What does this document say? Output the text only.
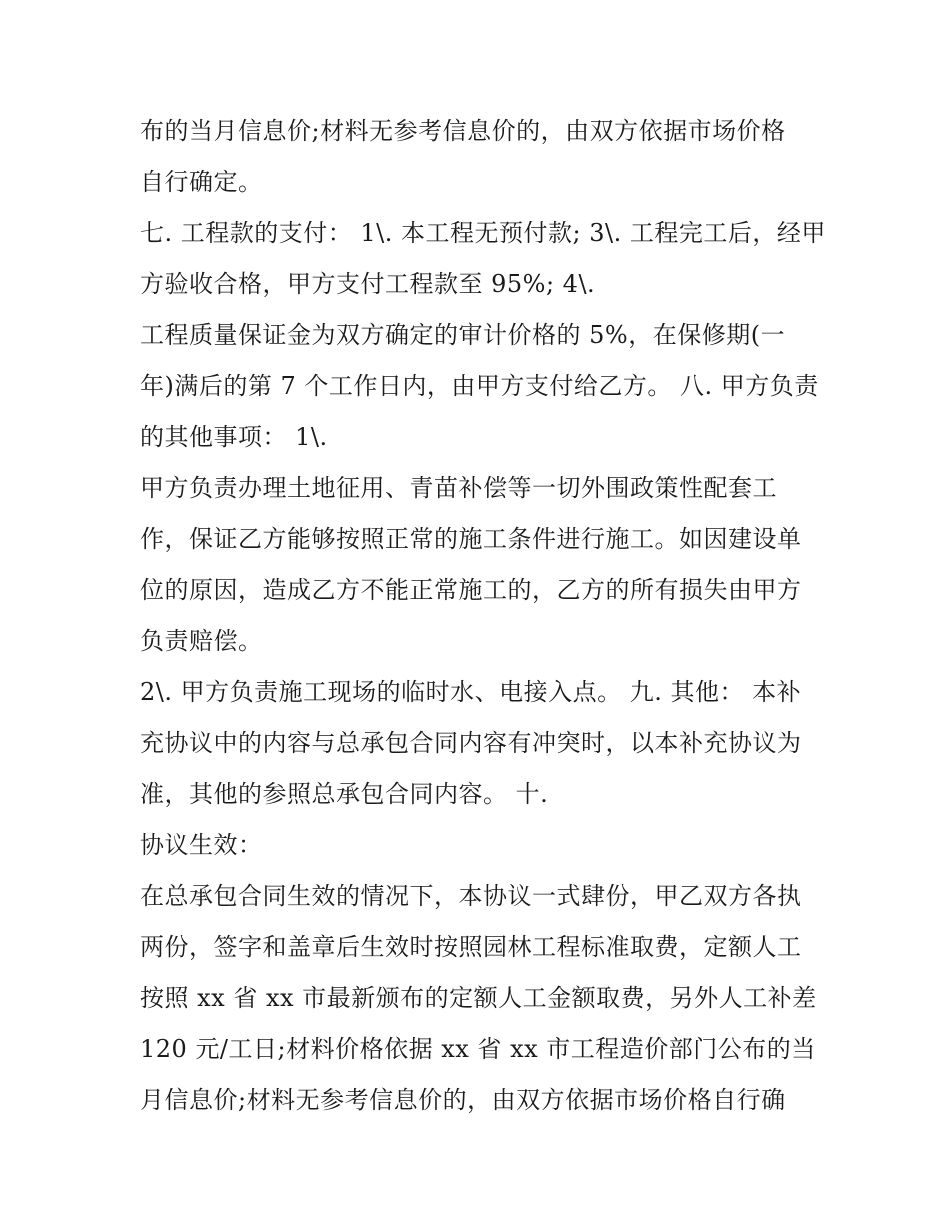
布的当月信息价;材料无参考信息价的，由双方依据市场价格
自行确定。
七. 工程款的支付： 1\. 本工程无预付款; 3\. 工程完工后，经甲
方验收合格，甲方支付工程款至 95%; 4\.
工程质量保证金为双方确定的审计价格的 5%，在保修期(一
年)满后的第 7 个工作日内，由甲方支付给乙方。 八. 甲方负责
的其他事项： 1\.
甲方负责办理土地征用、青苗补偿等一切外围政策性配套工
作，保证乙方能够按照正常的施工条件进行施工。如因建设单
位的原因，造成乙方不能正常施工的，乙方的所有损失由甲方
负责赔偿。
2\. 甲方负责施工现场的临时水、电接入点。 九. 其他： 本补
充协议中的内容与总承包合同内容有冲突时，以本补充协议为
准，其他的参照总承包合同内容。 十.
协议生效：
在总承包合同生效的情况下，本协议一式肆份，甲乙双方各执
两份，签字和盖章后生效时按照园林工程标准取费，定额人工
按照 xx 省 xx 市最新颁布的定额人工金额取费，另外人工补差
120 元/工日;材料价格依据 xx 省 xx 市工程造价部门公布的当
月信息价;材料无参考信息价的，由双方依据市场价格自行确
